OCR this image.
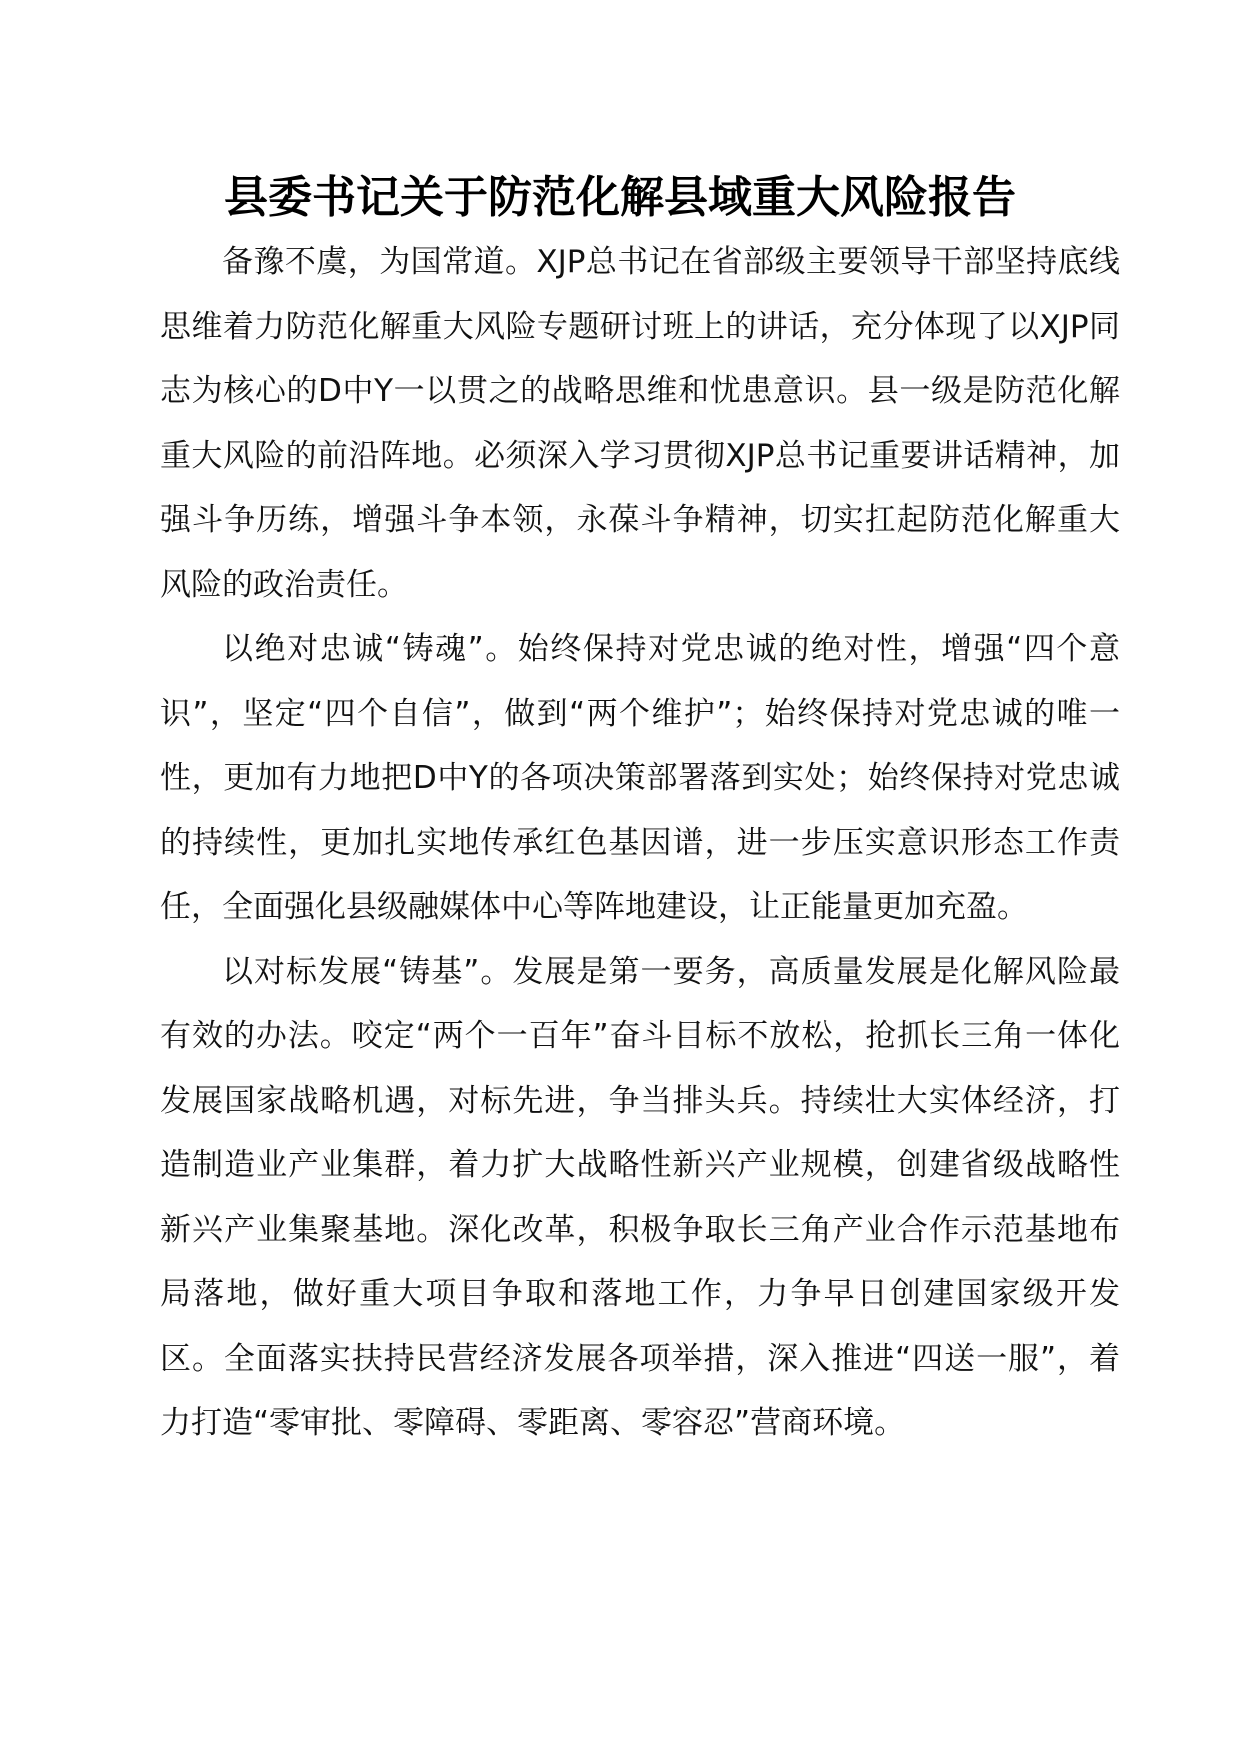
县委书记关于防范化解县域重大风险报告

备豫不虞，为国常道。XJP总书记在省部级主要领导干部坚持底线思维着力防范化解重大风险专题研讨班上的讲话，充分体现了以XJP同志为核心的D中Y一以贯之的战略思维和忧患意识。县一级是防范化解重大风险的前沿阵地。必须深入学习贯彻XJP总书记重要讲话精神，加强斗争历练，增强斗争本领，永葆斗争精神，切实扛起防范化解重大风险的政治责任。

以绝对忠诚“铸魂”。始终保持对党忠诚的绝对性，增强“四个意识”，坚定“四个自信”，做到“两个维护”；始终保持对党忠诚的唯一性，更加有力地把D中Y的各项决策部署落到实处；始终保持对党忠诚的持续性，更加扎实地传承红色基因谱，进一步压实意识形态工作责任，全面强化县级融媒体中心等阵地建设，让正能量更加充盈。

以对标发展“铸基”。发展是第一要务，高质量发展是化解风险最有效的办法。咬定“两个一百年”奋斗目标不放松，抢抓长三角一体化发展国家战略机遇，对标先进，争当排头兵。持续壮大实体经济，打造制造业产业集群，着力扩大战略性新兴产业规模，创建省级战略性新兴产业集聚基地。深化改革，积极争取长三角产业合作示范基地布局落地，做好重大项目争取和落地工作，力争早日创建国家级开发区。全面落实扶持民营经济发展各项举措，深入推进“四送一服”，着力打造“零审批、零障碍、零距离、零容忍”营商环境。
